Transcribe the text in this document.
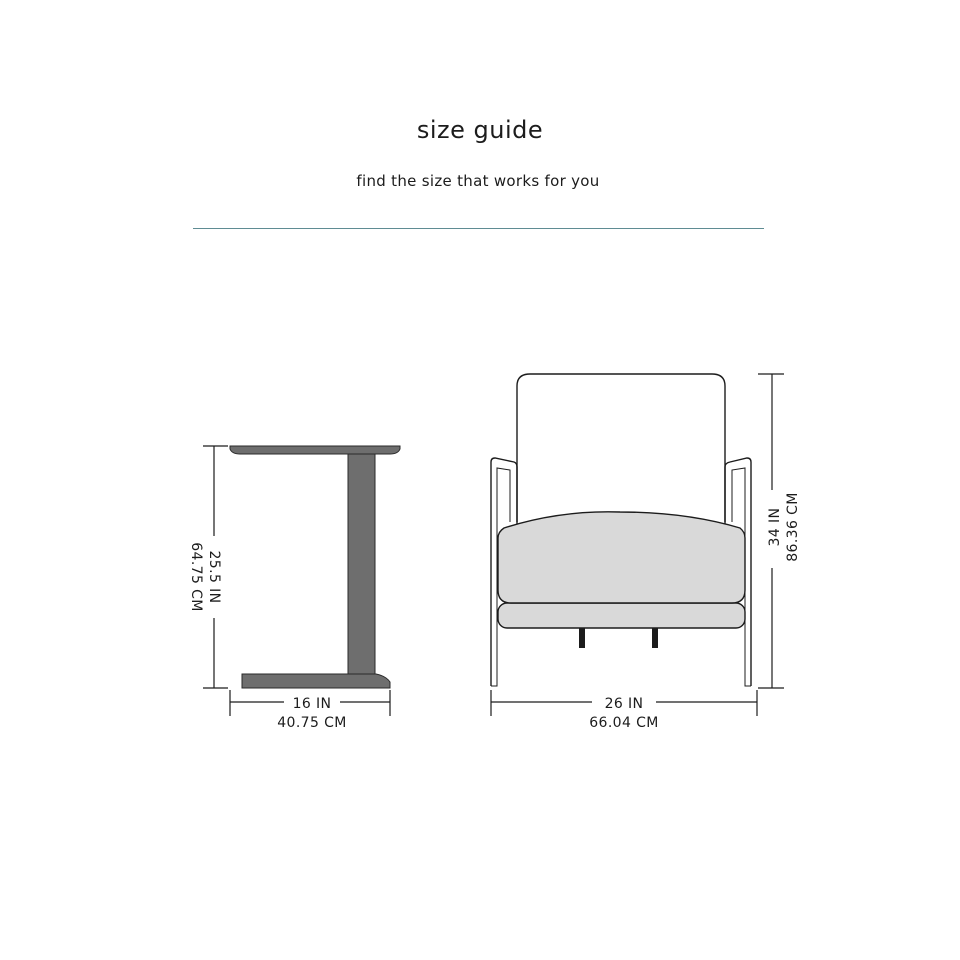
size guide

find the size that works for you

25.5 IN
64.75 CM
16 IN
40.75 CM
34 IN 86.36 CM
26 IN
66.04 CM
